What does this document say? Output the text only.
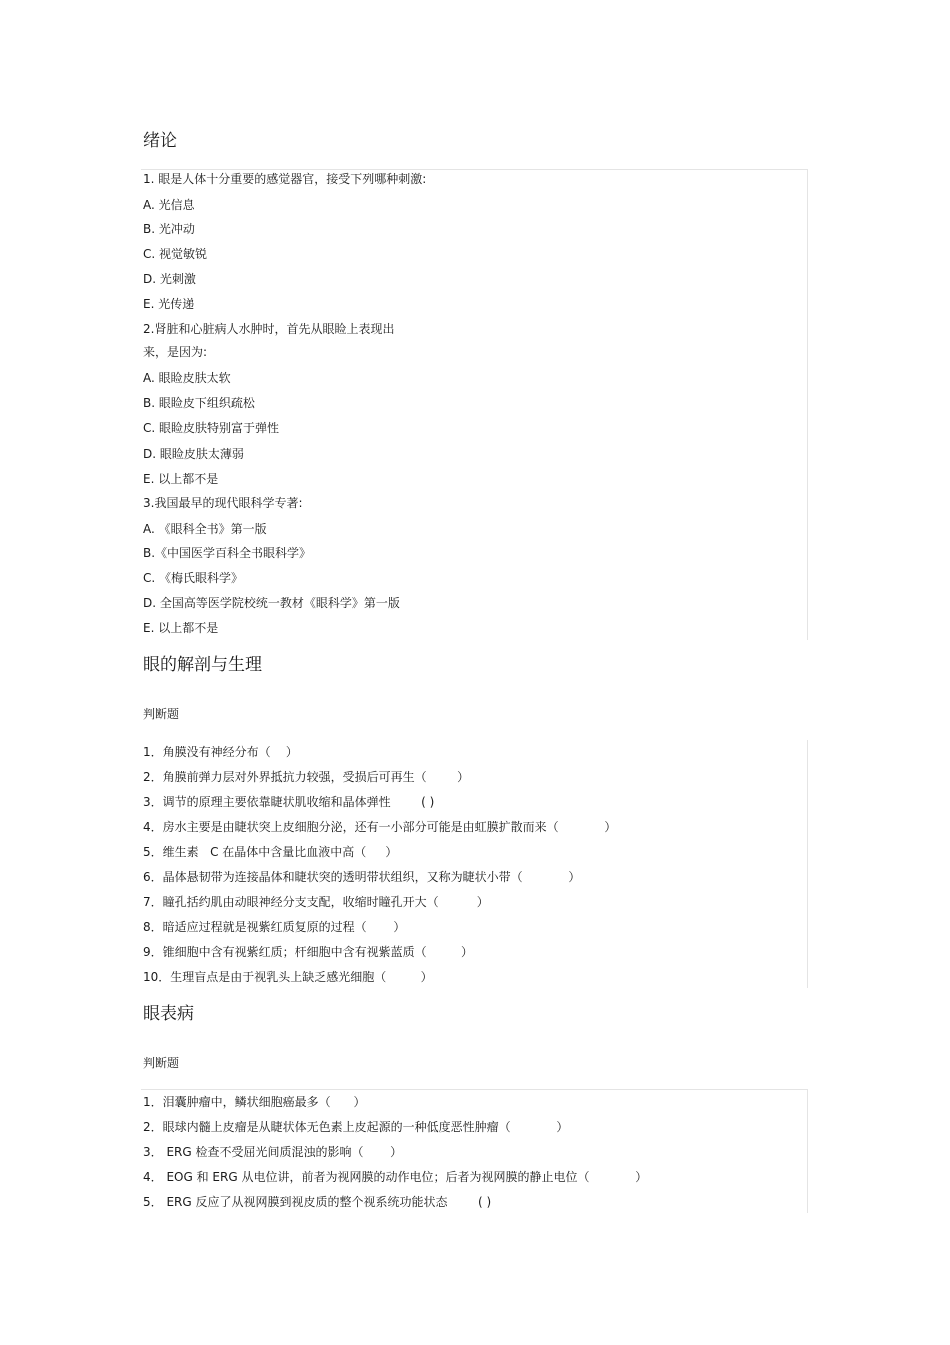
绪论
1. 眼是人体十分重要的感觉器官，接受下列哪种刺激:
A. 光信息
B. 光冲动
C. 视觉敏锐
D. 光刺激
E. 光传递
2.肾脏和心脏病人水肿时，首先从眼睑上表现出
来，是因为:
A. 眼睑皮肤太软
B. 眼睑皮下组织疏松
C. 眼睑皮肤特别富于弹性
D. 眼睑皮肤太薄弱
E. 以上都不是
3.我国最早的现代眼科学专著:
A. 《眼科全书》第一版
B.《中国医学百科全书眼科学》
C. 《梅氏眼科学》
D. 全国高等医学院校统一教材《眼科学》第一版
E. 以上都不是
眼的解剖与生理
判断题
1．角膜没有神经分布（    ）
2．角膜前弹力层对外界抵抗力较强，受损后可再生（        ）
3．调节的原理主要依靠睫状肌收缩和晶体弹性        ( )
4．房水主要是由睫状突上皮细胞分泌，还有一小部分可能是由虹膜扩散而来（            ）
5．维生素   C 在晶体中含量比血液中高（     ）
6．晶体悬韧带为连接晶体和睫状突的透明带状组织，又称为睫状小带（            ）
7．瞳孔括约肌由动眼神经分支支配，收缩时瞳孔开大（          ）
8．暗适应过程就是视紫红质复原的过程（       ）
9．锥细胞中含有视紫红质；杆细胞中含有视紫蓝质（         ）
10．生理盲点是由于视乳头上缺乏感光细胞（         ）
眼表病
判断题
1．泪囊肿瘤中，鳞状细胞癌最多（      ）
2．眼球内髓上皮瘤是从睫状体无色素上皮起源的一种低度恶性肿瘤（            ）
3． ERG 检查不受屈光间质混浊的影响（       ）
4． EOG 和 ERG 从电位讲，前者为视网膜的动作电位；后者为视网膜的静止电位（            ）
5． ERG 反应了从视网膜到视皮质的整个视系统功能状态        ( )
